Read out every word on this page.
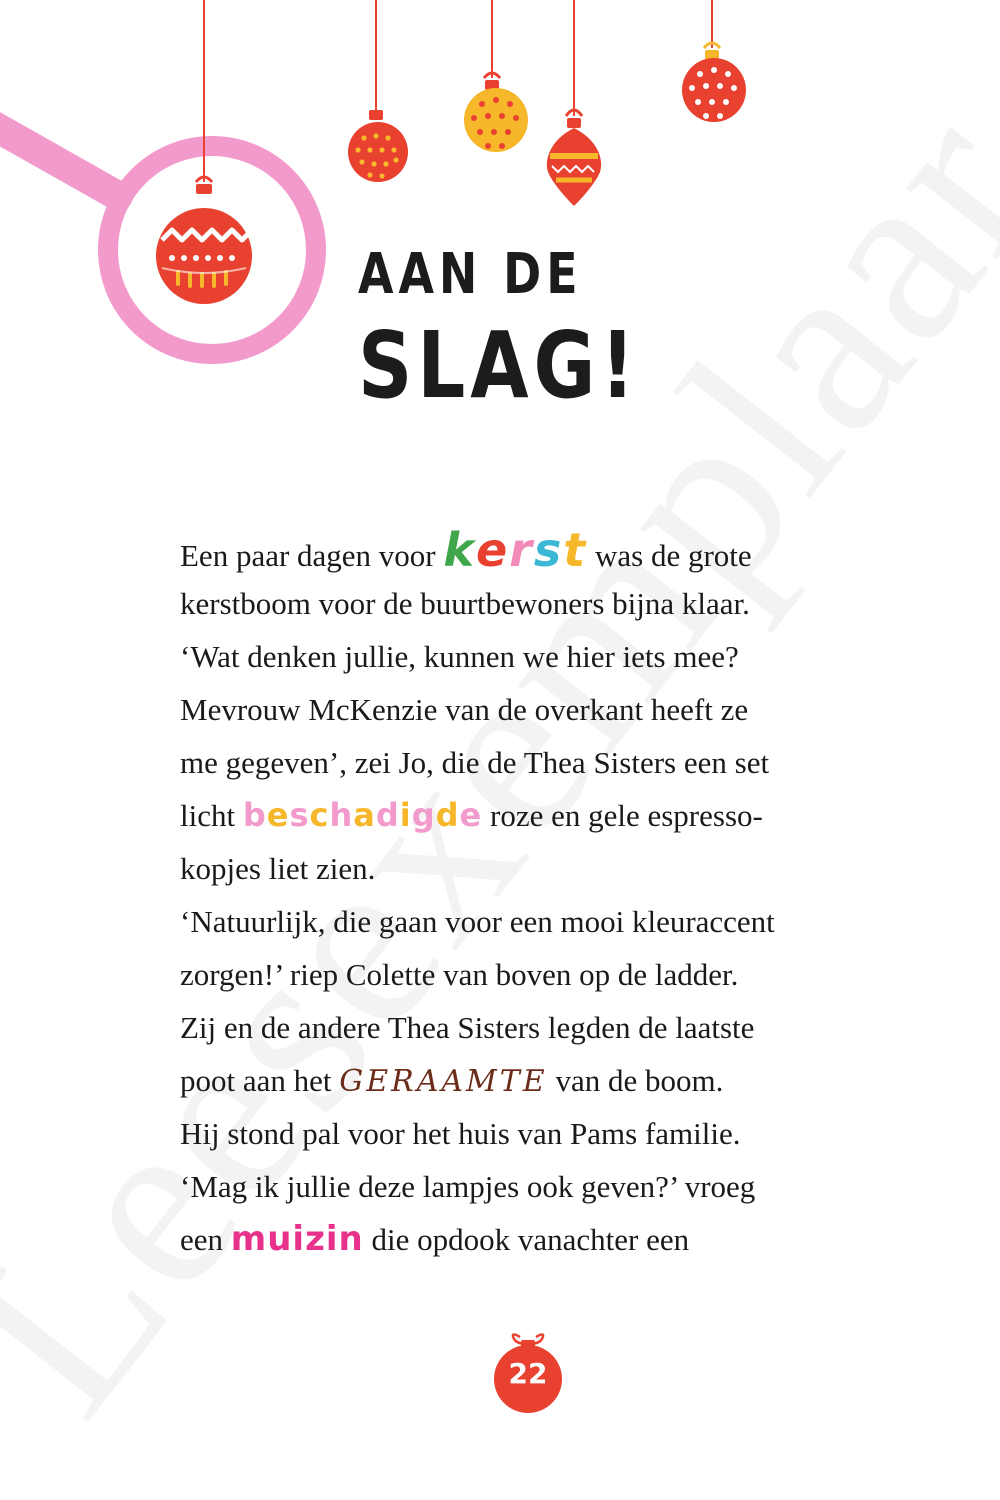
AAN DE
SLAG!
Een paar dagen voor kerst was de grote
kerstboom voor de buurtbewoners bijna klaar.
‘Wat denken jullie, kunnen we hier iets mee?
Mevrouw McKenzie van de overkant heeft ze
me gegeven’, zei Jo, die de Thea Sisters een set
licht beschadigde roze en gele espresso-
kopjes liet zien.
‘Natuurlijk, die gaan voor een mooi kleuraccent
zorgen!’ riep Colette van boven op de ladder.
Zij en de andere Thea Sisters legden de laatste
poot aan het GERAAMTE van de boom.
Hij stond pal voor het huis van Pams familie.
‘Mag ik jullie deze lampjes ook geven?’ vroeg
een muizin die opdook vanachter een
22
